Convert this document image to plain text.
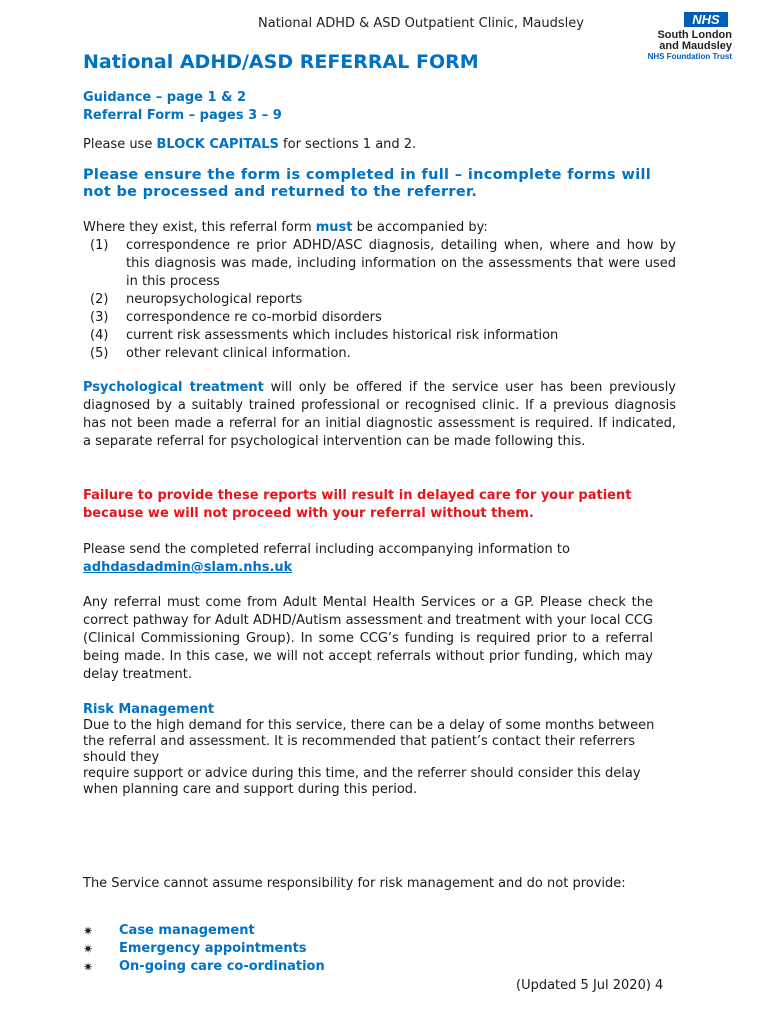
National ADHD & ASD Outpatient Clinic, Maudsley	NHS
South London
and Maudsley
NHS Foundation Trust
National ADHD/ASD REFERRAL FORM
Guidance – page 1 & 2
Referral Form – pages 3 – 9
Please use BLOCK CAPITALS for sections 1 and 2.
Please ensure the form is completed in full – incomplete forms will not be processed and returned to the referrer.
Where they exist, this referral form must be accompanied by:
(1)	correspondence re prior ADHD/ASC diagnosis, detailing when, where and how by this diagnosis was made, including information on the assessments that were used in this process
(2)	neuropsychological reports
(3)	correspondence re co-morbid disorders
(4)	current risk assessments which includes historical risk information
(5)	other relevant clinical information.
Psychological treatment will only be offered if the service user has been previously diagnosed by a suitably trained professional or recognised clinic. If a previous diagnosis has not been made a referral for an initial diagnostic assessment is required. If indicated, a separate referral for psychological intervention can be made following this.
Failure to provide these reports will result in delayed care for your patient because we will not proceed with your referral without them.
Please send the completed referral including accompanying information to
adhdasdadmin@slam.nhs.uk
Any referral must come from Adult Mental Health Services or a GP. Please check the correct pathway for Adult ADHD/Autism assessment and treatment with your local CCG (Clinical Commissioning Group). In some CCG’s funding is required prior to a referral being made. In this case, we will not accept referrals without prior funding, which may delay treatment.
Risk Management
Due to the high demand for this service, there can be a delay of some months between the referral and assessment. It is recommended that patient’s contact their referrers should they
require support or advice during this time, and the referrer should consider this delay when planning care and support during this period.
The Service cannot assume responsibility for risk management and do not provide:
✷ Case management
✷ Emergency appointments
✷ On-going care co-ordination
(Updated 5 Jul 2020) 4
